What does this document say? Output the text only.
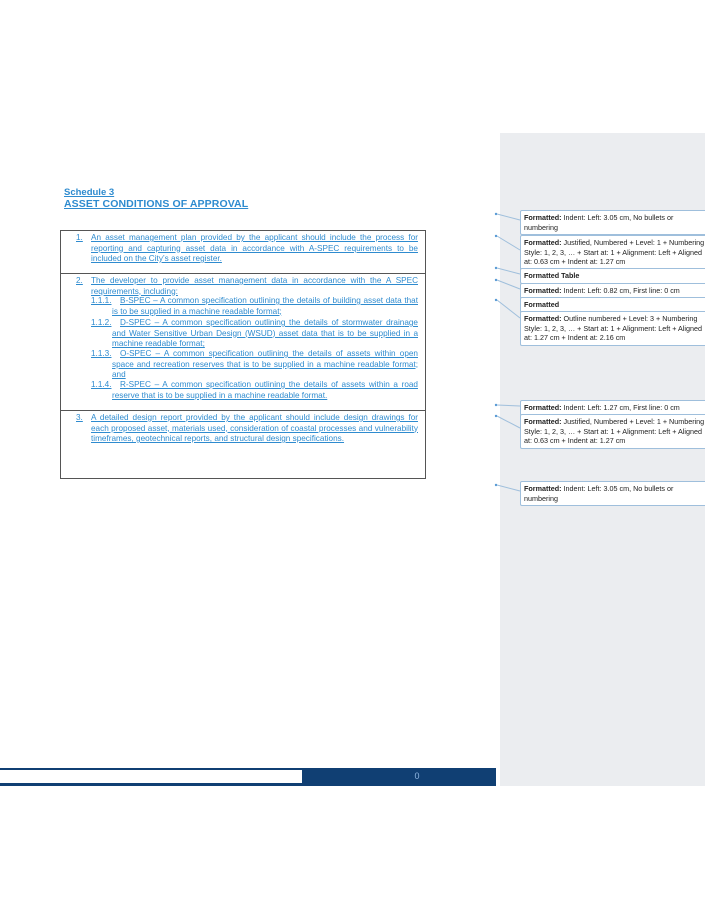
Schedule 3
ASSET CONDITIONS OF APPROVAL
1. An asset management plan provided by the applicant should include the process for reporting and capturing asset data in accordance with A-SPEC requirements to be included on the City’s asset register.
2. The developer to provide asset management data in accordance with the A SPEC requirements, including:
1.1.1.	B-SPEC – A common specification outlining the details of building asset data that is to be supplied in a machine readable format;
1.1.2.	D-SPEC – A common specification outlining the details of stormwater drainage and Water Sensitive Urban Design (WSUD) asset data that is to be supplied in a machine readable format;
1.1.3.	O-SPEC – A common specification outlining the details of assets within open space and recreation reserves that is to be supplied in a machine readable format; and
1.1.4.	R-SPEC – A common specification outlining the details of assets within a road reserve that is to be supplied in a machine readable format.
3. A detailed design report provided by the applicant should include design drawings for each proposed asset, materials used, consideration of coastal processes and vulnerability timeframes, geotechnical reports, and structural design specifications.
0
Formatted: Indent: Left: 3.05 cm, No bullets or numbering
Formatted: Justified, Numbered + Level: 1 + Numbering Style: 1, 2, 3, … + Start at: 1 + Alignment: Left + Aligned at: 0.63 cm + Indent at: 1.27 cm
Formatted Table
Formatted: Indent: Left: 0.82 cm, First line: 0 cm
Formatted
Formatted: Outline numbered + Level: 3 + Numbering Style: 1, 2, 3, … + Start at: 1 + Alignment: Left + Aligned at: 1.27 cm + Indent at: 2.16 cm
Formatted: Indent: Left: 1.27 cm, First line: 0 cm
Formatted: Justified, Numbered + Level: 1 + Numbering Style: 1, 2, 3, … + Start at: 1 + Alignment: Left + Aligned at: 0.63 cm + Indent at: 1.27 cm
Formatted: Indent: Left: 3.05 cm, No bullets or numbering
